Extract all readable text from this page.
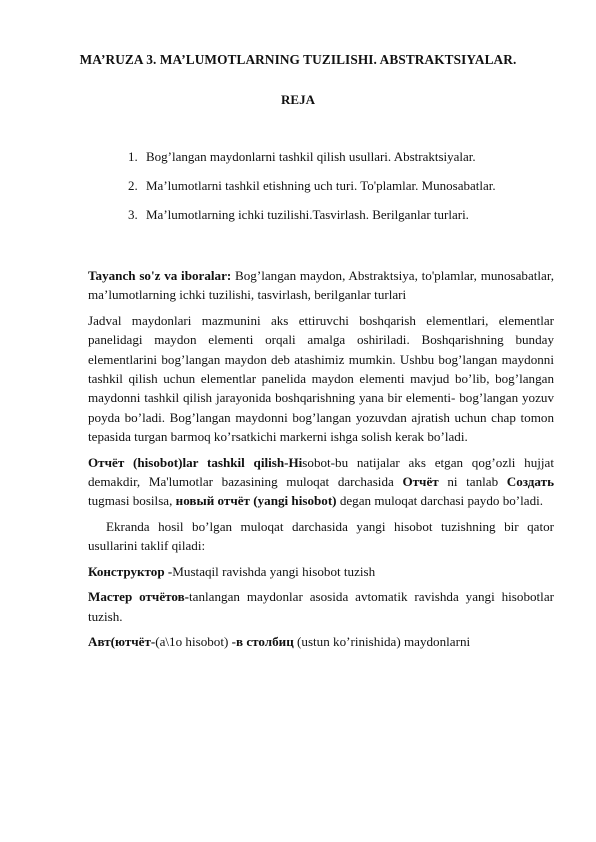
MA’RUZA 3. MA’LUMOTLARNING TUZILISHI. ABSTRAKTSIYALAR.
REJA
1. Bog’langan maydonlarni tashkil qilish usullari. Abstraktsiyalar.
2. Ma’lumotlarni tashkil etishning uch turi. To'plamlar. Munosabatlar.
3. Ma’lumotlarning ichki tuzilishi.Tasvirlash. Berilganlar turlari.

Tayanch so'z va iboralar: Bog’langan maydon, Abstraktsiya, to'plamlar, munosabatlar, ma’lumotlarning ichki tuzilishi, tasvirlash, berilganlar turlari

Jadval maydonlari mazmunini aks ettiruvchi boshqarish elementlari, elementlar panelidagi maydon elementi orqali amalga oshiriladi. Boshqarishning bunday elementlarini bog’langan maydon deb atashimiz mumkin. Ushbu bog’langan maydonni tashkil qilish uchun elementlar panelida maydon elementi mavjud bo’lib, bog’langan maydonni tashkil qilish jarayonida boshqarishning yana bir elementi- bog’langan yozuv poyda bo’ladi. Bog’langan maydonni bog’langan yozuvdan ajratish uchun chap tomon tepasida turgan barmoq ko’rsatkichi markerni ishga solish kerak bo’ladi.

Отчёт (hisobot)lar tashkil qilish-Hisobot-bu natijalar aks etgan qog’ozli hujjat demakdir, Ma'lumotlar bazasining muloqat darchasida Отчёт ni tanlab Создать tugmasi bosilsa, новый отчёт (yangi hisobot) degan muloqat darchasi paydo bo’ladi.

Ekranda hosil bo’lgan muloqat darchasida yangi hisobot tuzishning bir qator usullarini taklif qiladi:

Конструктор -Mustaqil ravishda yangi hisobot tuzish

Мастер отчётов-tanlangan maydonlar asosida avtomatik ravishda yangi hisobotlar tuzish.

Авт(ютчёт-(a\1o hisobot) -в столбиц (ustun ko’rinishida) maydonlarni
